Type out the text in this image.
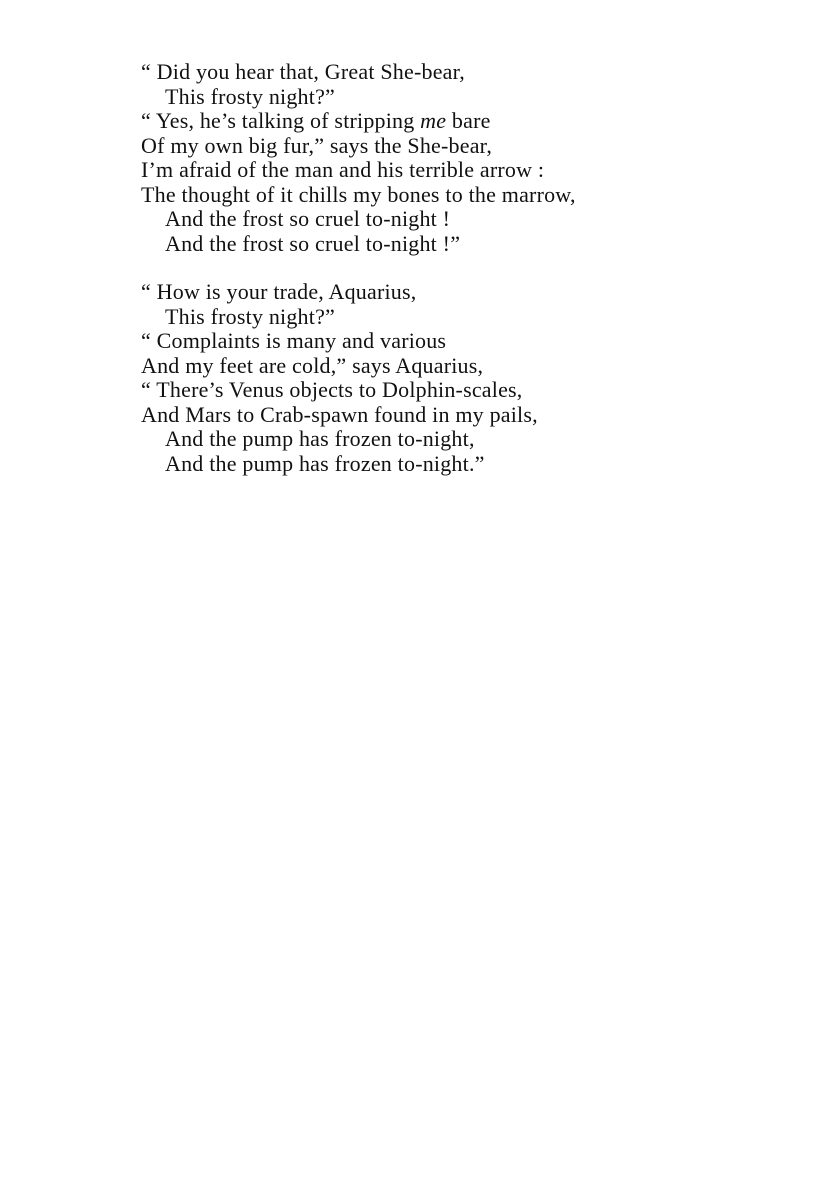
“ Did you hear that, Great She-bear,
This frosty night?”
“ Yes, he’s talking of stripping me bare
Of my own big fur,” says the She-bear,
I’m afraid of the man and his terrible arrow :
The thought of it chills my bones to the marrow,
And the frost so cruel to-night !
And the frost so cruel to-night !”
“ How is your trade, Aquarius,
This frosty night?”
“ Complaints is many and various
And my feet are cold,” says Aquarius,
“ There’s Venus objects to Dolphin-scales,
And Mars to Crab-spawn found in my pails,
And the pump has frozen to-night,
And the pump has frozen to-night.”
